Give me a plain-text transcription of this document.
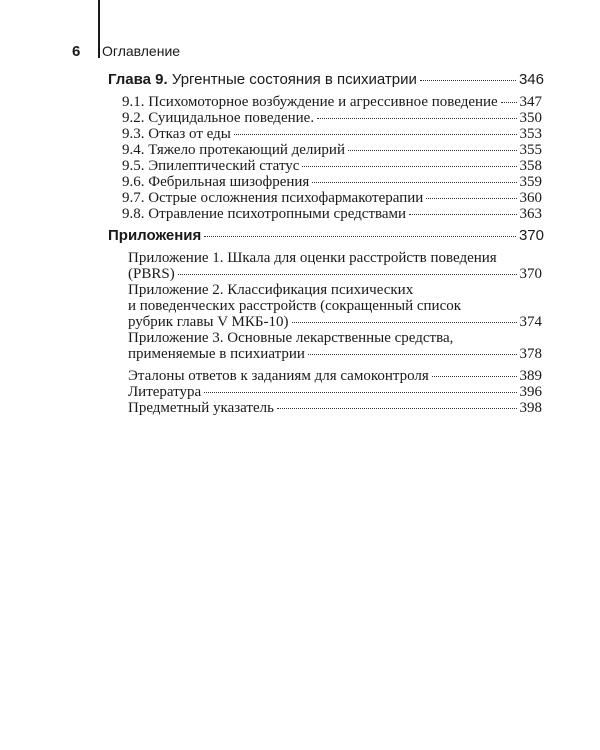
6	Оглавление
Глава 9. Ургентные состояния в психиатрии	346
9.1. Психомоторное возбуждение и агрессивное поведение 347
9.2. Суицидальное поведение.	350
9.3. Отказ от еды	353
9.4. Тяжело протекающий делирий	355
9.5. Эпилептический статус	358
9.6. Фебрильная шизофрения	359
9.7. Острые осложнения психофармакотерапии	360
9.8. Отравление психотропными средствами	363
Приложения	370
Приложение 1. Шкала для оценки расстройств поведения
(PBRS)	370
Приложение 2. Классификация психических
и поведенческих расстройств (сокращенный список
рубрик главы V МКБ-10)	374
Приложение 3. Основные лекарственные средства,
применяемые в психиатрии	378
Эталоны ответов к заданиям для самоконтроля	389
Литература	396
Предметный указатель	398
